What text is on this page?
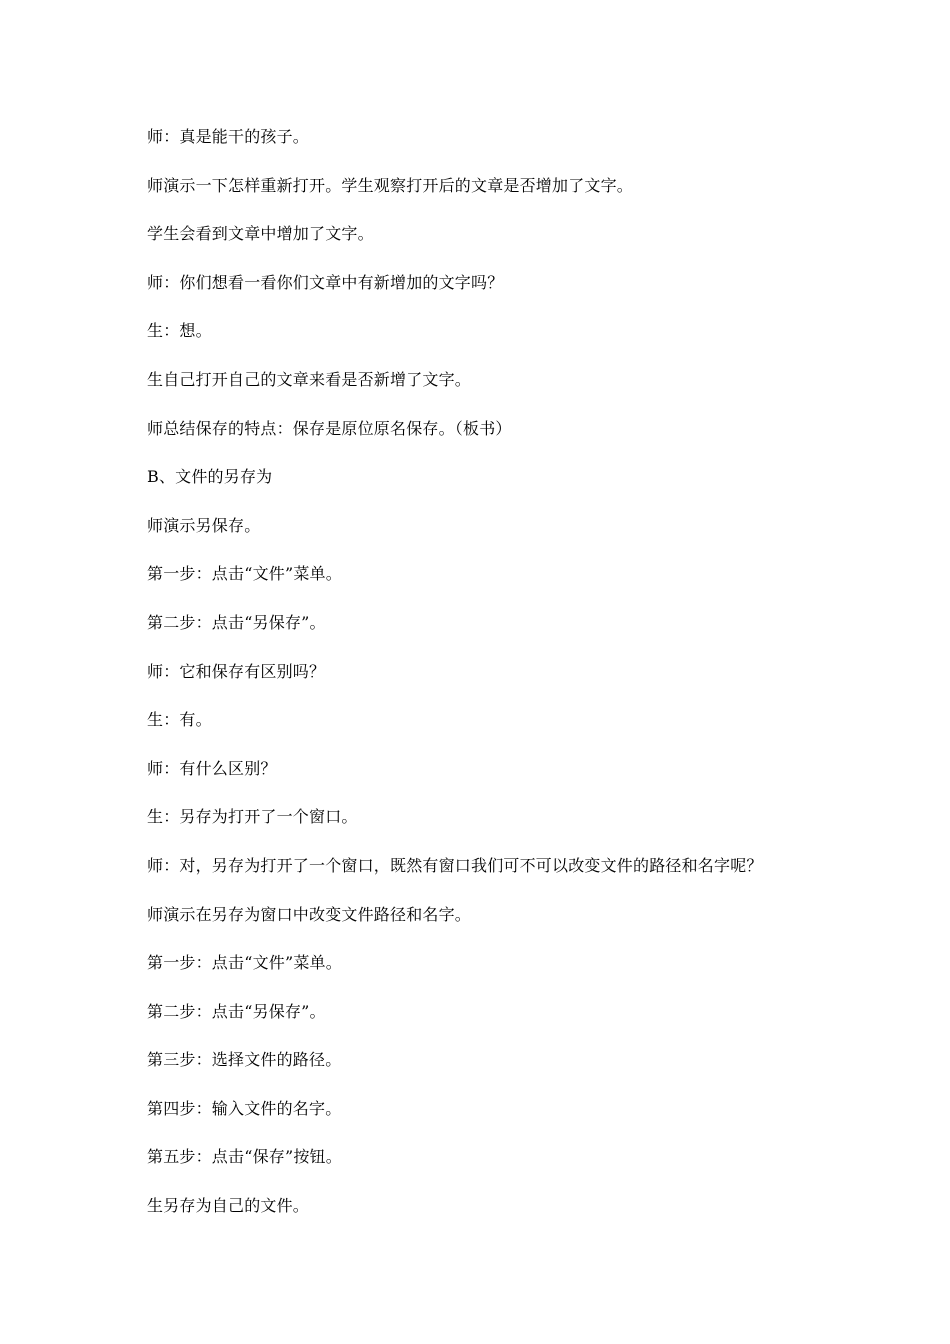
师：真是能干的孩子。

师演示一下怎样重新打开。学生观察打开后的文章是否增加了文字。

学生会看到文章中增加了文字。

师：你们想看一看你们文章中有新增加的文字吗？

生：想。

生自己打开自己的文章来看是否新增了文字。

师总结保存的特点：保存是原位原名保存。（板书）

B、文件的另存为

师演示另保存。

第一步：点击“文件”菜单。

第二步：点击“另保存”。

师：它和保存有区别吗？

生：有。

师：有什么区别？

生：另存为打开了一个窗口。

师：对，另存为打开了一个窗口，既然有窗口我们可不可以改变文件的路径和名字呢？

师演示在另存为窗口中改变文件路径和名字。

第一步：点击“文件”菜单。

第二步：点击“另保存”。

第三步：选择文件的路径。

第四步：输入文件的名字。

第五步：点击“保存”按钮。

生另存为自己的文件。
